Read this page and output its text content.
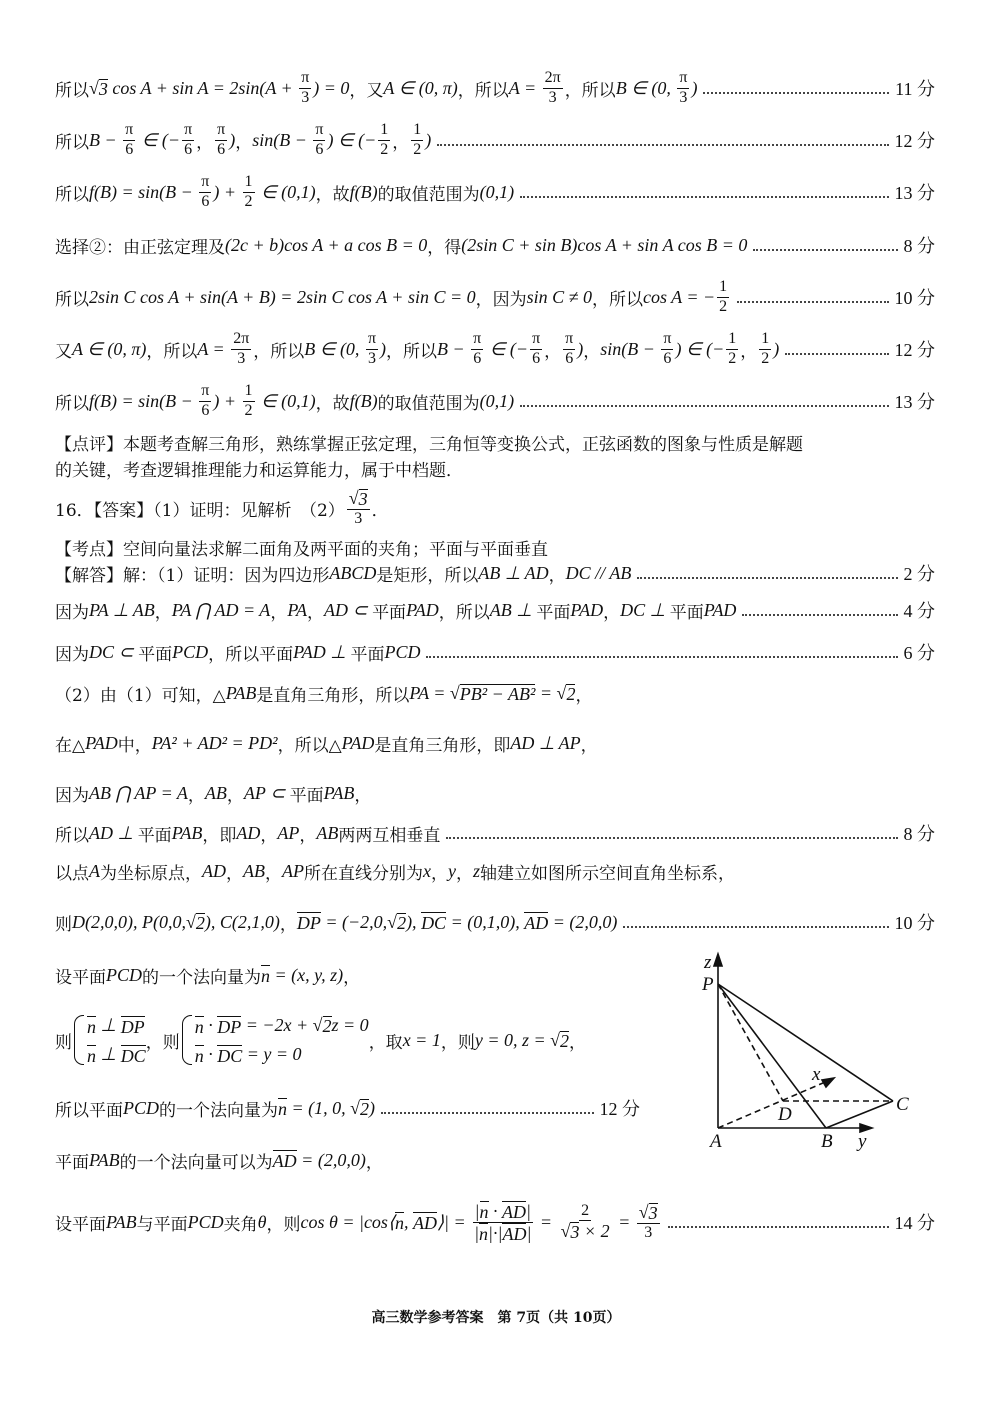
所以 √ 3 $\cos A + \sin A = 2\sin(A + \frac{\pi}{3}$ ) = 0 ，又 A ∈ (0, π) ，所以 $A = \frac{2\pi}{3}$ ，所以 B ∈ (0, $\frac{\pi}{3}$ )	11 分
所以 $B - \frac{\pi}{6}$ ∈ (− $\frac{\pi}{6}$ ， $\frac{\pi}{6}$ ) ， $\sin(B - \frac{\pi}{6}$ ) ∈ (− $\frac{1}{2}$ ， $\frac{1}{2}$ )	12 分
所以 $f(B) = \sin(B - \frac{\pi}{6}$ ) + $\frac{1}{2}$ ∈ (0,1) ，故 f(B) 的取值范围为 (0,1)	13 分
选择②：由正弦定理及 (2c + b)cos A + a cos B = 0 ，得 (2sin C + sin B)cos A + sin A cos B = 0	8 分
所以 2sin C cos A + sin(A + B) = 2sin C cos A + sin C = 0 ，因为 sin C ≠ 0 ，所以 cos A = − $\frac{1}{2}$	10 分
又 A ∈ (0, π) ，所以 $A = \frac{2\pi}{3}$ ，所以 B ∈ (0, $\frac{\pi}{3}$ ) ，所以 $B - \frac{\pi}{6}$ ∈ (− $\frac{\pi}{6}$ ， $\frac{\pi}{6}$ ) ， $\sin(B - \frac{\pi}{6}$ ) ∈ (− $\frac{1}{2}$ ， $\frac{1}{2}$ )	12 分
所以 $f(B) = \sin(B - \frac{\pi}{6}$ ) + $\frac{1}{2}$ ∈ (0,1) ，故 f(B) 的取值范围为 (0,1)	13 分
【点评】本题考查解三角形，熟练掌握正弦定理，三角恒等变换公式，正弦函数的图象与性质是解题
的关键，考查逻辑推理能力和运算能力，属于中档题．
16．【答案】（1）证明：见解析　（2） √ $\frac{3}{3}$ ．
【考点】空间向量法求解二面角及两平面的夹角；平面与平面垂直
【解答】解：（1）证明：因为四边形 ABCD 是矩形，所以 AB ⊥ AD ， DC // AB	2 分
因为 PA ⊥ AB ， PA ⋂ AD = A ， PA ， AD ⊂ 平面 PAD ，所以 AB ⊥ 平面 PAD ， DC ⊥ 平面 PAD	4 分
因为 DC ⊂ 平面 PCD ，所以平面 PAD ⊥ 平面 PCD	6 分
（2）由（1）可知，△ PAB 是直角三角形，所以 PA = √ PB² − AB² = √ 2 ，
在△ PAD 中， PA² + AD² = PD² ，所以△ PAD 是直角三角形，即 AD ⊥ AP ，
因为 AB ⋂ AP = A ， AB ， AP ⊂ 平面 PAB ，
所以 AD ⊥ 平面 PAB ，即 AD ， AP ， AB 两两互相垂直	8 分
以点 A 为坐标原点， AD ， AB ， AP 所在直线分别为 x ， y ， z 轴建立如图所示空间直角坐标系，
则 D(2,0,0), P(0,0, √ 2 ), C(2,1,0) ， DP = (−2,0, √ 2 ), DC = (0,1,0), AD = (2,0,0)	10 分
设平面 PCD 的一个法向量为 n = (x, y, z) ，
则
n ⊥ DP
n ⊥ DC
，则
n · DP = −2x + √ 2 z = 0
n · DC = y = 0
，取 x = 1 ，则 y = 0, z = √ 2 ，
所以平面 PCD 的一个法向量为 n = (1, 0, √ 2 )	12 分
平面 PAB 的一个法向量可以为 AD = (2,0,0) ，
设平面 PAB 与平面 PCD 夹角 θ ，则 cos θ = |cos⟨ n , AD ⟩| = $\frac{| n \cdot AD |}{| n |\cdot| AD |} = 2$
√ 3 × 2 = √ $\frac{3}{3}$	14 分
z
P
x
D	C
A	B y
高三数学参考答案　第 7页（共 10页）
